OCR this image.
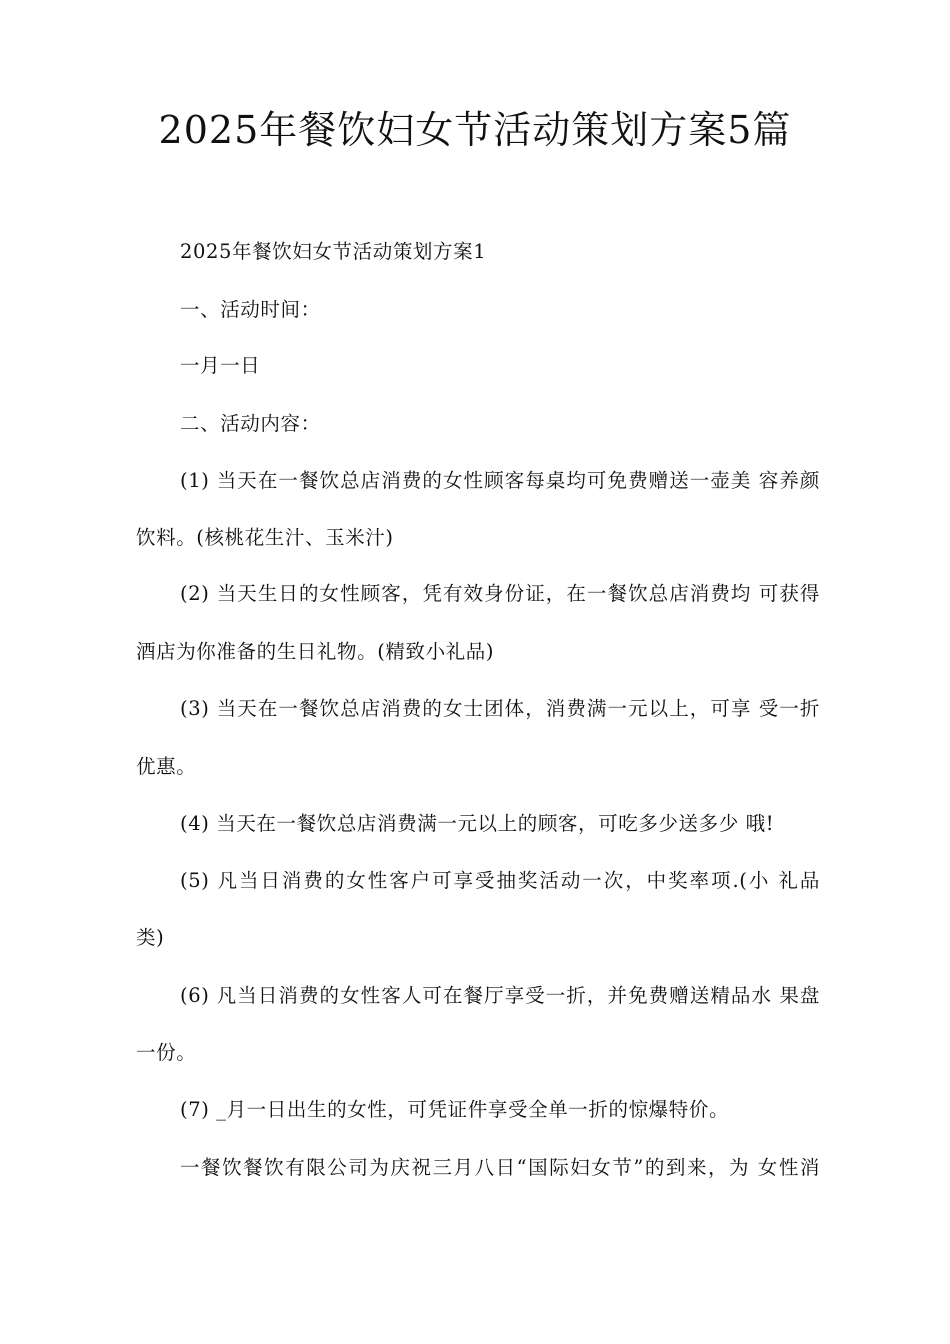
2025年餐饮妇女节活动策划方案5篇
2025年餐饮妇女节活动策划方案1
一、活动时间：
一月一日
二、活动内容：
(1) 当天在一餐饮总店消费的女性顾客每桌均可免费赠送一壶美 容养颜
饮料。(核桃花生汁、玉米汁)
(2) 当天生日的女性顾客，凭有效身份证，在一餐饮总店消费均 可获得
酒店为你准备的生日礼物。(精致小礼品)
(3) 当天在一餐饮总店消费的女士团体，消费满一元以上，可享 受一折
优惠。
(4) 当天在一餐饮总店消费满一元以上的顾客，可吃多少送多少 哦!
(5) 凡当日消费的女性客户可享受抽奖活动一次，中奖率项.(小 礼品
类)
(6) 凡当日消费的女性客人可在餐厅享受一折，并免费赠送精品水 果盘
一份。
(7) _月一日出生的女性，可凭证件享受全单一折的惊爆特价。
一餐饮餐饮有限公司为庆祝三月八日“国际妇女节”的到来，为 女性消
